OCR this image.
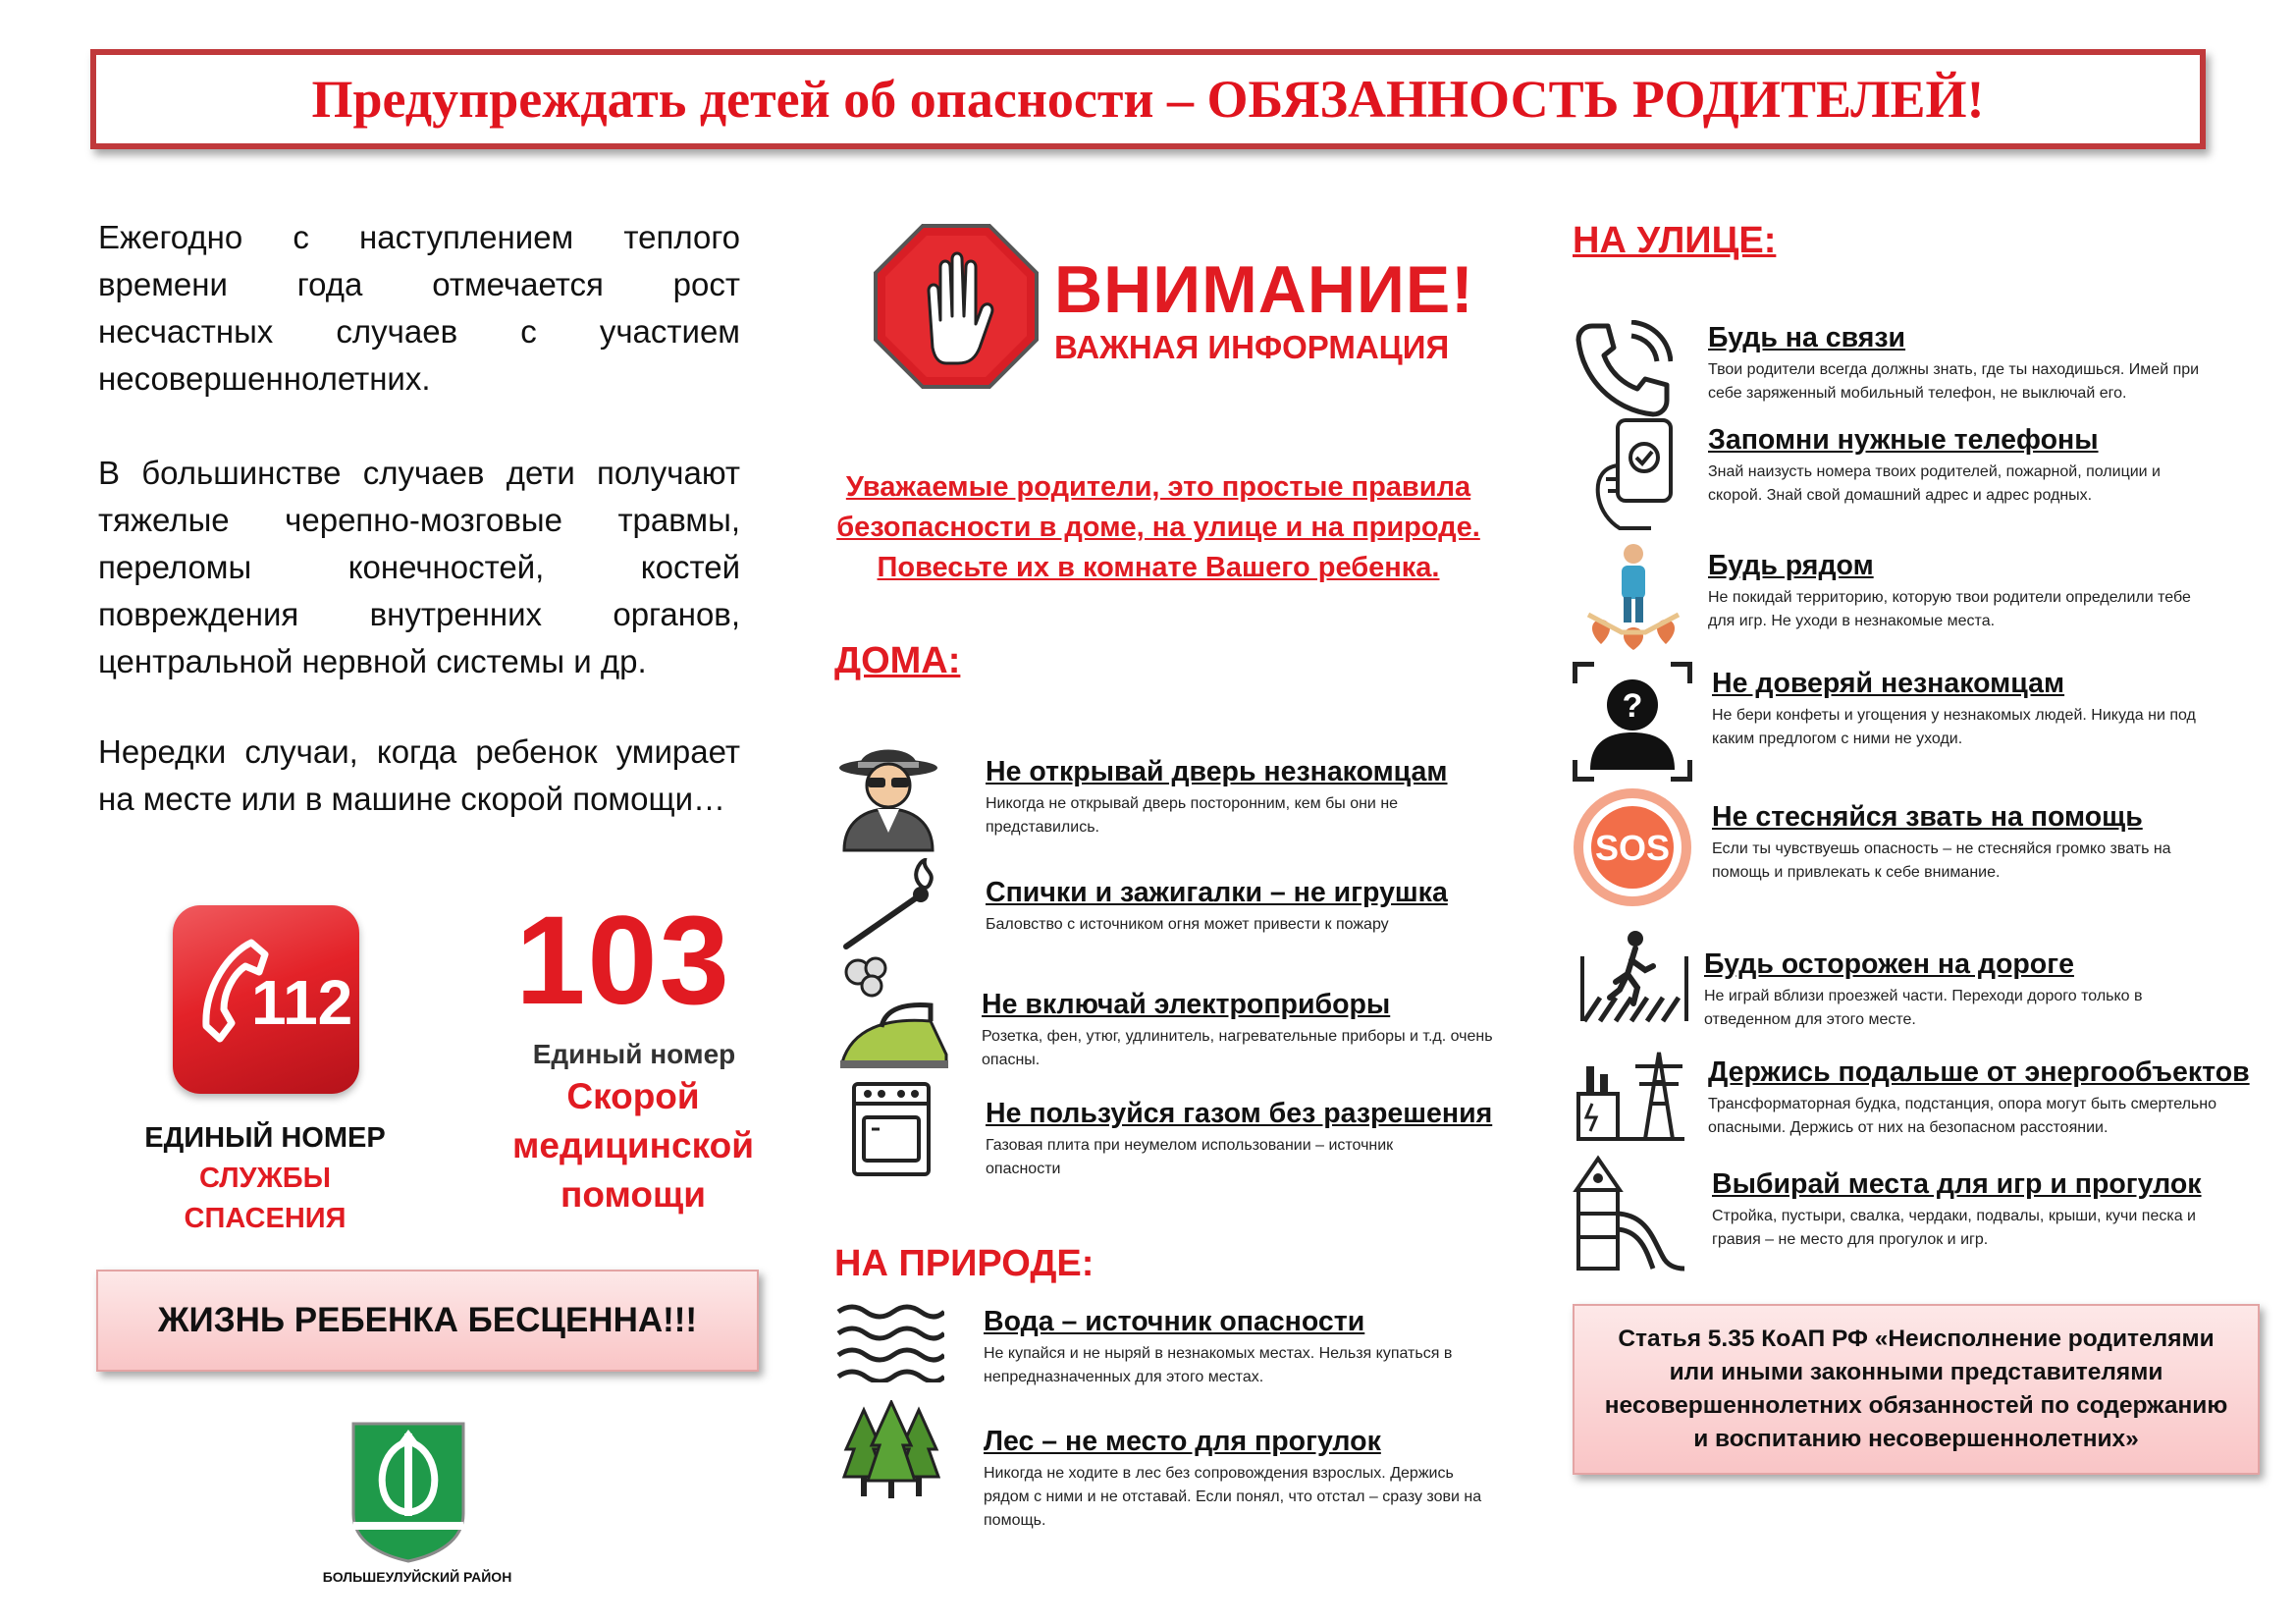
Предупреждать детей об опасности – ОБЯЗАННОСТЬ РОДИТЕЛЕЙ!
Ежегодно с наступлением теплого времени года отмечается рост несчастных случаев с участием несовершеннолетних.
В большинстве случаев дети получают тяжелые черепно-мозговые травмы, переломы конечностей, костей повреждения внутренних органов, центральной нервной системы и др.
Нередки случаи, когда ребенок умирает на месте или в машине скорой помощи…
112
ЕДИНЫЙ НОМЕР
СЛУЖБЫ
СПАСЕНИЯ
103
Единый номер
Скорой
медицинской
помощи
ЖИЗНЬ РЕБЕНКА БЕСЦЕННА!!!
БОЛЬШЕУЛУЙСКИЙ РАЙОН
ВНИМАНИЕ!
ВАЖНАЯ ИНФОРМАЦИЯ
Уважаемые родители, это простые правила
безопасности в доме, на улице и на природе.
Повесьте их в комнате Вашего ребенка.
ДОМА:
Не открывай дверь незнакомцам
Никогда не открывай дверь посторонним, кем бы они не представились.
Спички и зажигалки – не игрушка
Баловство с источником огня может привести к пожару
Не включай электроприборы
Розетка, фен, утюг, удлинитель, нагревательные приборы и т.д. очень опасны.
Не пользуйся газом без разрешения
Газовая плита при неумелом использовании – источник опасности
НА ПРИРОДЕ:
Вода – источник опасности
Не купайся и не ныряй в незнакомых местах. Нельзя купаться в непредназначенных для этого местах.
Лес – не место для прогулок
Никогда не ходите в лес без сопровождения взрослых. Держись рядом с ними и не отставай. Если понял, что отстал – сразу зови на помощь.
НА УЛИЦЕ:
Будь на связи
Твои родители всегда должны знать, где ты находишься. Имей при себе заряженный мобильный телефон, не выключай его.
Запомни нужные телефоны
Знай наизусть номера твоих родителей, пожарной, полиции и скорой. Знай свой домашний адрес и адрес родных.
Будь рядом
Не покидай территорию, которую твои родители определили тебе для игр. Не уходи в незнакомые места.
?
Не доверяй незнакомцам
Не бери конфеты и угощения у незнакомых людей. Никуда ни под каким предлогом с ними не уходи.
SOS
Не стесняйся звать на помощь
Если ты чувствуешь опасность – не стесняйся громко звать на помощь и привлекать к себе внимание.
Будь осторожен на дороге
Не играй вблизи проезжей части. Переходи дорого только в отведенном для этого месте.
Держись подальше от энергообъектов
Трансформаторная будка, подстанция, опора могут быть смертельно опасными. Держись от них на безопасном расстоянии.
Выбирай места для игр и прогулок
Стройка, пустыри, свалка, чердаки, подвалы, крыши, кучи песка и гравия – не место для прогулок и игр.
Статья 5.35 КоАП РФ «Неисполнение родителями или иными законными представителями несовершеннолетних обязанностей по содержанию и воспитанию несовершеннолетних»
